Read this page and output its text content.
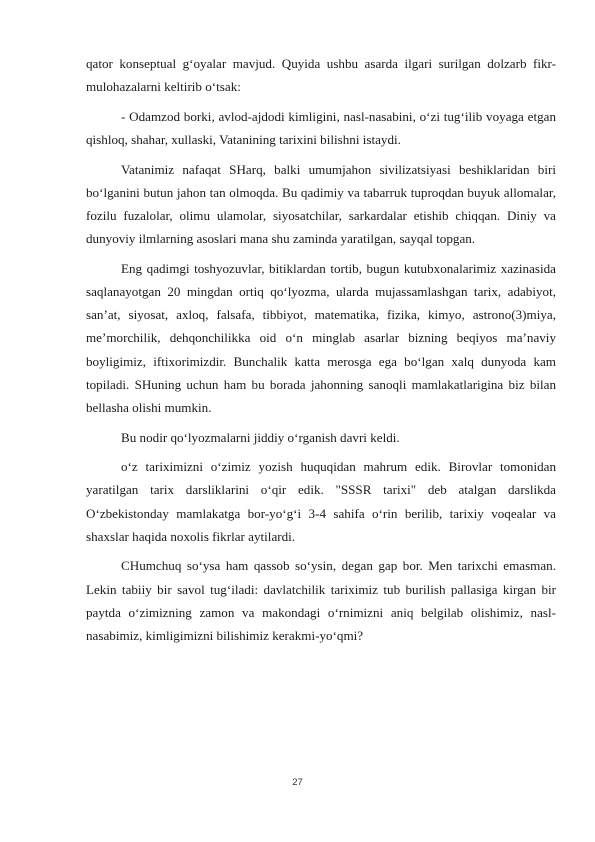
qator konseptual g‘oyalar mavjud. Quyida ushbu asarda ilgari surilgan dolzarb fikr-mulohazalarni keltirib o‘tsak:

- Odamzod borki, avlod-ajdodi kimligini, nasl-nasabini, o‘zi tug‘ilib voyaga etgan qishloq, shahar, xullaski, Vatanining tarixini bilishni istaydi.

Vatanimiz nafaqat SHarq, balki umumjahon sivilizatsiyasi beshiklaridan biri bo‘lganini butun jahon tan olmoqda. Bu qadimiy va tabarruk tuproqdan buyuk allomalar, fozilu fuzalolar, olimu ulamolar, siyosatchilar, sarkardalar etishib chiqqan. Diniy va dunyoviy ilmlarning asoslari mana shu zaminda yaratilgan, sayqal topgan.

Eng qadimgi toshyozuvlar, bitiklardan tortib, bugun kutubxonalarimiz xazinasida saqlanayotgan 20 mingdan ortiq qo‘lyozma, ularda mujassamlashgan tarix, adabiyot, san’at, siyosat, axloq, falsafa, tibbiyot, matematika, fizika, kimyo, astrono(3)miya, me’morchilik, dehqonchilikka oid o‘n minglab asarlar bizning beqiyos ma’naviy boyligimiz, iftixorimizdir. Bunchalik katta merosga ega bo‘lgan xalq dunyoda kam topiladi. SHuning uchun ham bu borada jahonning sanoqli mamlakatlarigina biz bilan bellasha olishi mumkin.

Bu nodir qo‘lyozmalarni jiddiy o‘rganish davri keldi.

o‘z tariximizni o‘zimiz yozish huquqidan mahrum edik. Birovlar tomonidan yaratilgan tarix darsliklarini o‘qir edik. "SSSR tarixi" deb atalgan darslikda O‘zbekistonday mamlakatga bor-yo‘g‘i 3-4 sahifa o‘rin berilib, tarixiy voqealar va shaxslar haqida noxolis fikrlar aytilardi.

CHumchuq so‘ysa ham qassob so‘ysin, degan gap bor. Men tarixchi emasman. Lekin tabiiy bir savol tug‘iladi: davlatchilik tariximiz tub burilish pallasiga kirgan bir paytda o‘zimizning zamon va makondagi o‘rnimizni aniq belgilab olishimiz, nasl-nasabimiz, kimligimizni bilishimiz kerakmi-yo‘qmi?

27
